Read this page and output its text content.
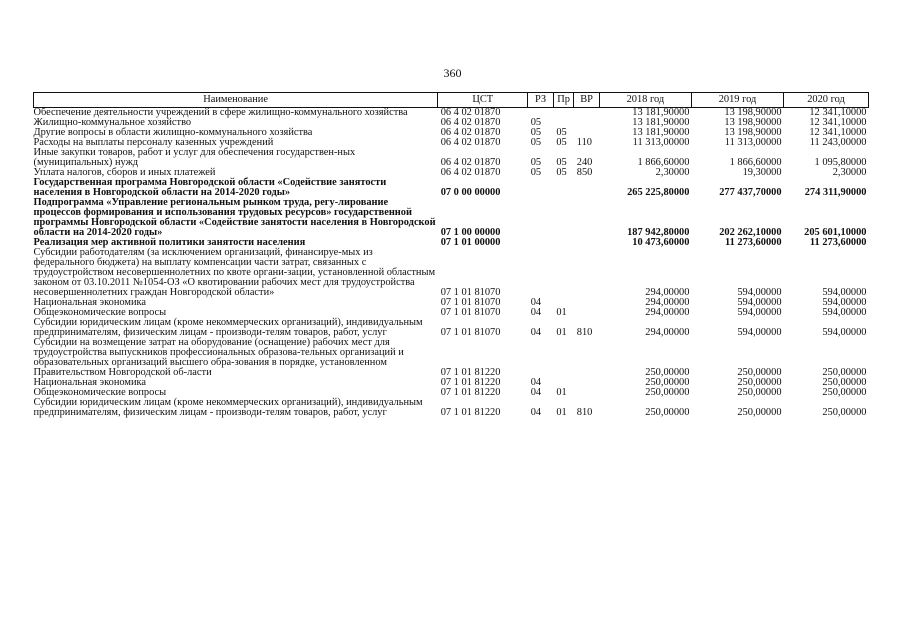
360
Наименование	ЦСТ	РЗ	Пр	ВР	2018 год	2019 год	2020 год
Обеспечение деятельности учреждений в сфере жилищно-коммунального хозяйства	06 4 02 01870				13 181,90000	13 198,90000	12 341,10000
Жилищно-коммунальное хозяйство	06 4 02 01870	05			13 181,90000	13 198,90000	12 341,10000
Другие вопросы в области жилищно-коммунального хозяйства	06 4 02 01870	05	05		13 181,90000	13 198,90000	12 341,10000
Расходы на выплаты персоналу казенных учреждений	06 4 02 01870	05	05	110	11 313,00000	11 313,00000	11 243,00000
Иные закупки товаров, работ и услуг для обеспечения государствен-ных (муниципальных) нужд	06 4 02 01870	05	05	240	1 866,60000	1 866,60000	1 095,80000
Уплата налогов, сборов и иных платежей	06 4 02 01870	05	05	850	2,30000	19,30000	2,30000
Государственная программа Новгородской области «Содействие занятости населения в Новгородской области на 2014-2020 годы»	07 0 00 00000				265 225,80000	277 437,70000	274 311,90000
Подпрограмма «Управление региональным рынком труда, регу-лирование процессов формирования и использования трудовых ресурсов» государственной программы Новгородской области «Содействие занятости населения в Новгородской области на 2014-2020 годы»	07 1 00 00000				187 942,80000	202 262,10000	205 601,10000
Реализация мер активной политики занятости населения	07 1 01 00000				10 473,60000	11 273,60000	11 273,60000
Субсидии работодателям (за исключением организаций, финансируе-мых из федерального бюджета) на выплату компенсации части затрат, связанных с трудоустройством несовершеннолетних по квоте органи-зации, установленной областным законом от 03.10.2011 №1054-ОЗ «О квотировании рабочих мест для трудоустройства несовершеннолетних граждан Новгородской области»	07 1 01 81070				294,00000	594,00000	594,00000
Национальная экономика	07 1 01 81070	04			294,00000	594,00000	594,00000
Общеэкономические вопросы	07 1 01 81070	04	01		294,00000	594,00000	594,00000
Субсидии юридическим лицам (кроме некоммерческих организаций), индивидуальным предпринимателям, физическим лицам - производи-телям товаров, работ, услуг	07 1 01 81070	04	01	810	294,00000	594,00000	594,00000
Субсидии на возмещение затрат на оборудование (оснащение) рабочих мест для трудоустройства выпускников профессиональных образова-тельных организаций и образовательных организаций высшего обра-зования в порядке, установленном Правительством Новгородской об-ласти	07 1 01 81220				250,00000	250,00000	250,00000
Национальная экономика	07 1 01 81220	04			250,00000	250,00000	250,00000
Общеэкономические вопросы	07 1 01 81220	04	01		250,00000	250,00000	250,00000
Субсидии юридическим лицам (кроме некоммерческих организаций), индивидуальным предпринимателям, физическим лицам - производи-телям товаров, работ, услуг	07 1 01 81220	04	01	810	250,00000	250,00000	250,00000
